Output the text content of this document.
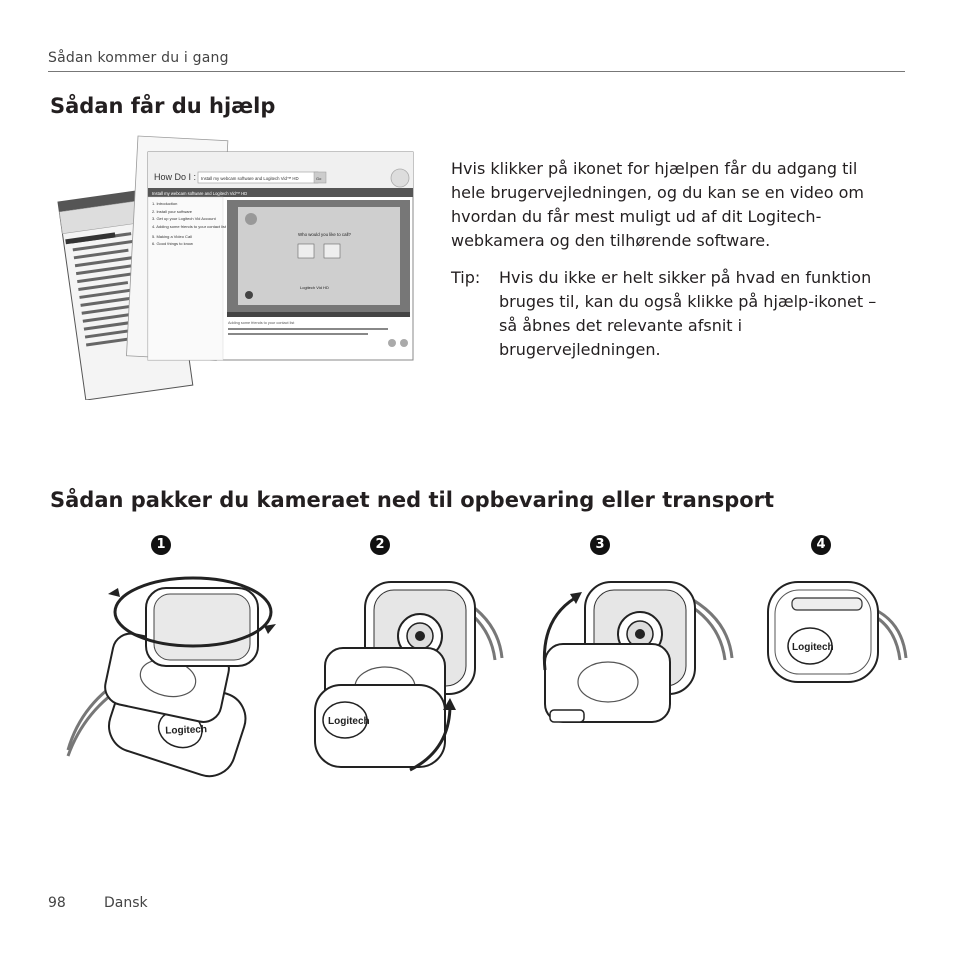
Sådan kommer du i gang
Sådan får du hjælp
How Do I : Install my webcam software and Logitech Vid™ HD	Go
Install my webcam software and Logitech Vid™ HD
1. Introduction
2. Install your software
3. Get up your Logitech Vid Account
4. Adding some friends to your contact list
5. Making a Video Call
6. Good things to know
Who would you like to call?
Logitech Vid HD
Adding some friends to your contact list
Hvis klikker på ikonet for hjælpen får du adgang til hele brugervejledningen, og du kan se en video om hvordan du får mest muligt ud af dit Logitech-webkamera og den tilhørende software.
Tip: Hvis du ikke er helt sikker på hvad en funktion bruges til, kan du også klikke på hjælp-ikonet – så åbnes det relevante afsnit i brugervejledningen.
Sådan pakker du kameraet ned til opbevaring eller transport
1	2	3	4
Logitech
Logitech
Logitech
98	Dansk
